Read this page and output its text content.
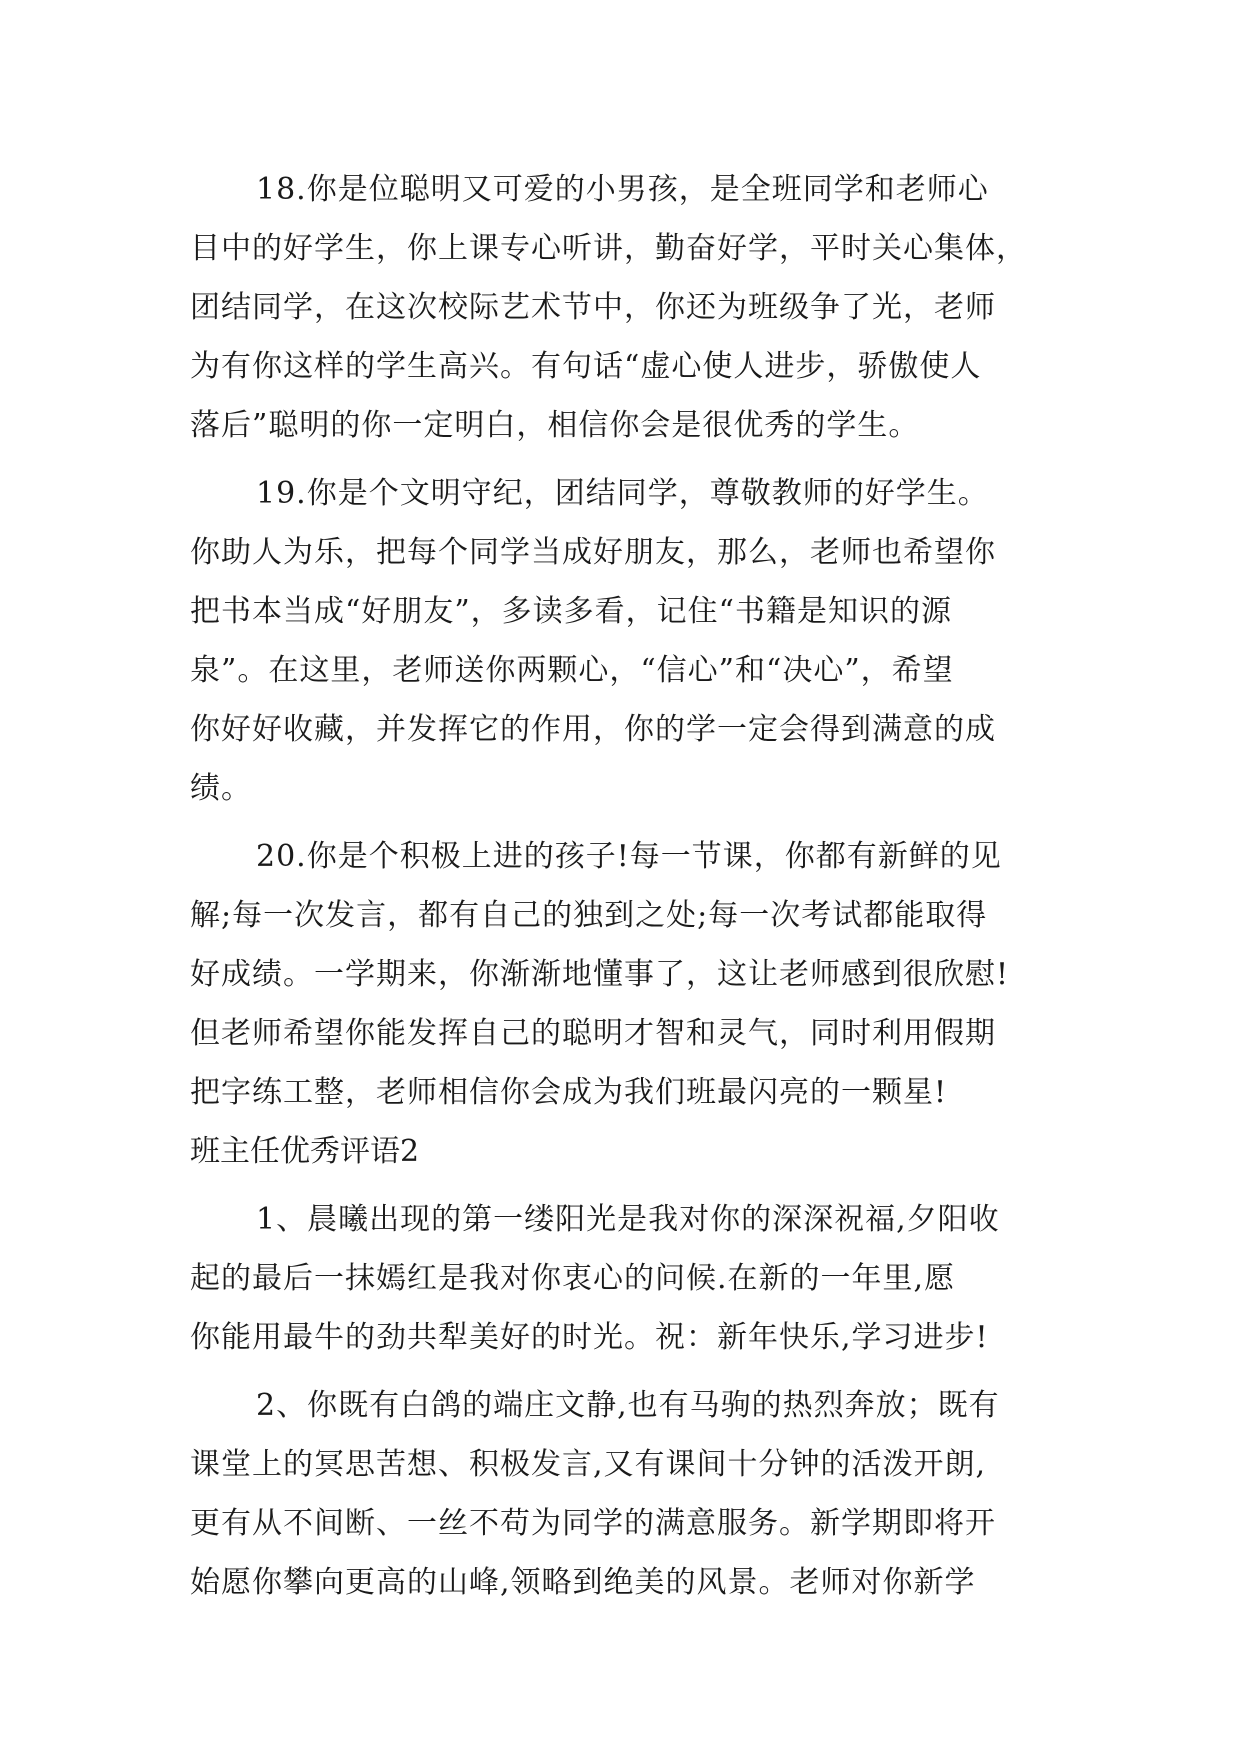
18.你是位聪明又可爱的小男孩，是全班同学和老师心
目中的好学生，你上课专心听讲，勤奋好学，平时关心集体，
团结同学，在这次校际艺术节中，你还为班级争了光，老师
为有你这样的学生高兴。有句话“虚心使人进步，骄傲使人
落后”聪明的你一定明白，相信你会是很优秀的学生。
19.你是个文明守纪，团结同学，尊敬教师的好学生。
你助人为乐，把每个同学当成好朋友，那么，老师也希望你
把书本当成“好朋友”，多读多看，记住“书籍是知识的源
泉”。在这里，老师送你两颗心，“信心”和“决心”，希望
你好好收藏，并发挥它的作用，你的学一定会得到满意的成
绩。
20.你是个积极上进的孩子!每一节课，你都有新鲜的见
解;每一次发言，都有自己的独到之处;每一次考试都能取得
好成绩。一学期来，你渐渐地懂事了，这让老师感到很欣慰!
但老师希望你能发挥自己的聪明才智和灵气，同时利用假期
把字练工整，老师相信你会成为我们班最闪亮的一颗星!
班主任优秀评语2
1、晨曦出现的第一缕阳光是我对你的深深祝福,夕阳收
起的最后一抹嫣红是我对你衷心的问候.在新的一年里,愿
你能用最牛的劲共犁美好的时光。祝：新年快乐,学习进步!
2、你既有白鸽的端庄文静,也有马驹的热烈奔放；既有
课堂上的冥思苦想、积极发言,又有课间十分钟的活泼开朗,
更有从不间断、一丝不苟为同学的满意服务。新学期即将开
始愿你攀向更高的山峰,领略到绝美的风景。老师对你新学
